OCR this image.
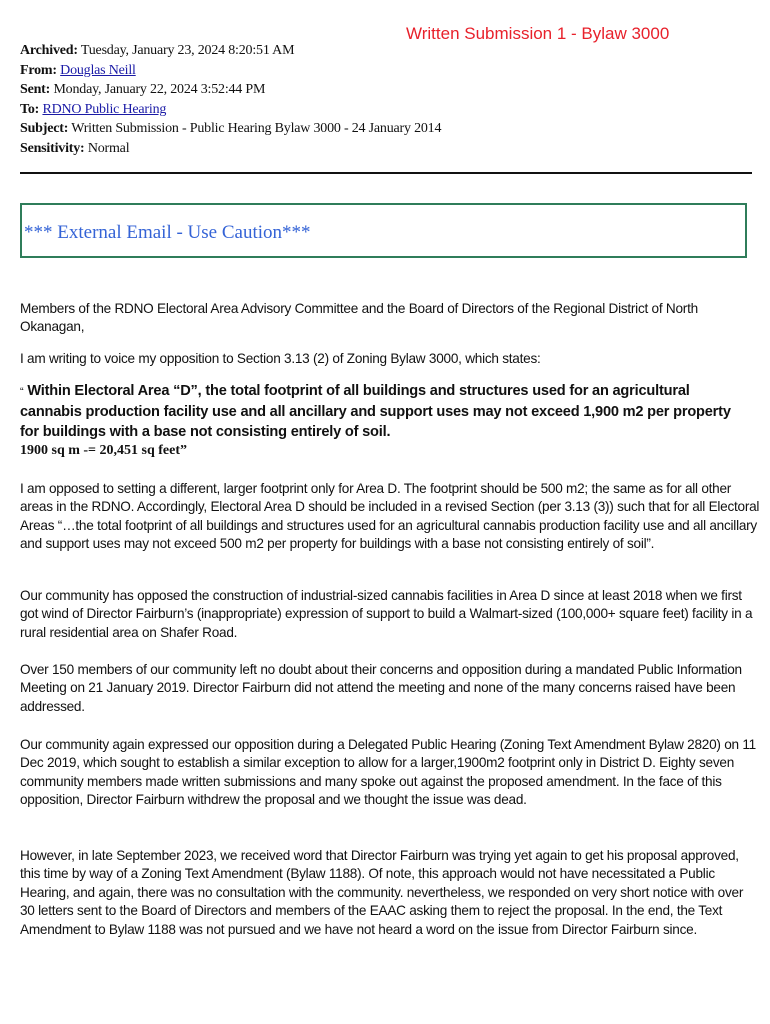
Written Submission 1 - Bylaw 3000
Archived: Tuesday, January 23, 2024 8:20:51 AM
From: Douglas Neill
Sent: Monday, January 22, 2024 3:52:44 PM
To: RDNO Public Hearing
Subject: Written Submission - Public Hearing Bylaw 3000 - 24 January 2014
Sensitivity: Normal
*** External Email - Use Caution***

Members of the RDNO Electoral Area Advisory Committee and the Board of Directors of the Regional District of North Okanagan,

I am writing to voice my opposition to Section 3.13 (2) of Zoning Bylaw 3000, which states:

“ Within Electoral Area “D”, the total footprint of all buildings and structures used for an agricultural cannabis production facility use and all ancillary and support uses may not exceed 1,900 m2 per property for buildings with a base not consisting entirely of soil.

1900 sq m -= 20,451 sq feet”

I am opposed to setting a different, larger footprint only for Area D. The footprint should be 500 m2; the same as for all other areas in the RDNO. Accordingly, Electoral Area D should be included in a revised Section (per 3.13 (3)) such that for all Electoral Areas “…the total footprint of all buildings and structures used for an agricultural cannabis production facility use and all ancillary and support uses may not exceed 500 m2 per property for buildings with a base not consisting entirely of soil”.

Our community has opposed the construction of industrial-sized cannabis facilities in Area D since at least 2018 when we first got wind of Director Fairburn’s (inappropriate) expression of support to build a Walmart-sized (100,000+ square feet) facility in a rural residential area on Shafer Road.

Over 150 members of our community left no doubt about their concerns and opposition during a mandated Public Information Meeting on 21 January 2019. Director Fairburn did not attend the meeting and none of the many concerns raised have been addressed.

Our community again expressed our opposition during a Delegated Public Hearing (Zoning Text Amendment Bylaw 2820) on 11 Dec 2019, which sought to establish a similar exception to allow for a larger,1900m2 footprint only in District D. Eighty seven community members made written submissions and many spoke out against the proposed amendment. In the face of this opposition, Director Fairburn withdrew the proposal and we thought the issue was dead.

However, in late September 2023, we received word that Director Fairburn was trying yet again to get his proposal approved, this time by way of a Zoning Text Amendment (Bylaw 1188). Of note, this approach would not have necessitated a Public Hearing, and again, there was no consultation with the community. nevertheless, we responded on very short notice with over 30 letters sent to the Board of Directors and members of the EAAC asking them to reject the proposal. In the end, the Text Amendment to Bylaw 1188 was not pursued and we have not heard a word on the issue from Director Fairburn since.
